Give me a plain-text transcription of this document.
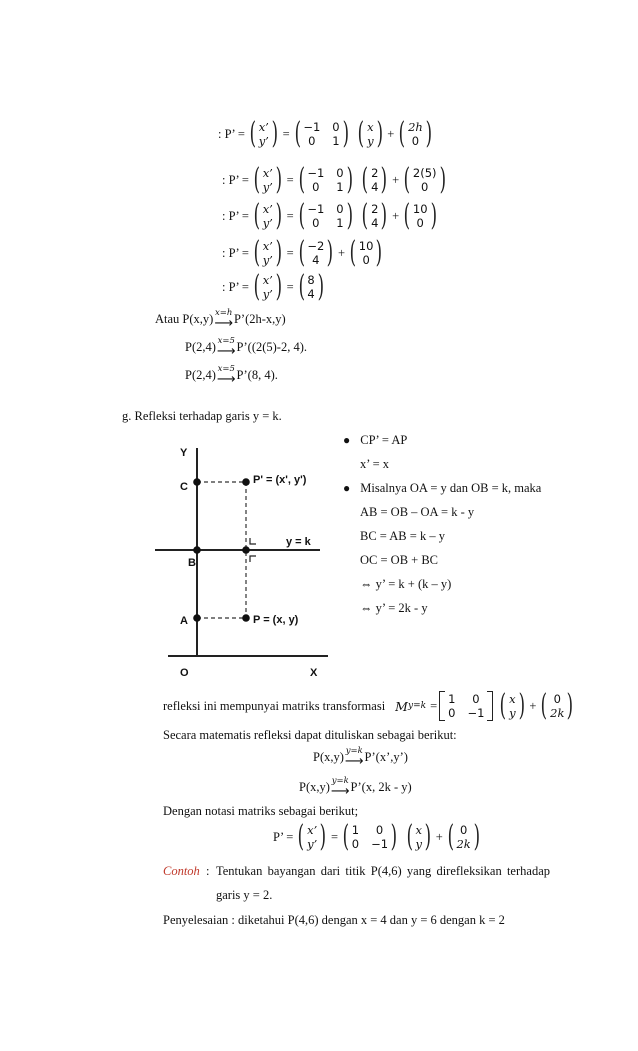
: P’ = ( x’
y’ ) = ( −1 0
0	1 ) ( x
y ) + ( 2h
0 )
: P’ = ( x’
y’ ) = ( −1 0
0	1 ) ( 2
4 ) + ( 2(5)
0 )
: P’ = ( x’
y’ ) = ( −1 0
0	1 ) ( 2
4 ) + ( 10
0 )
: P’ = ( x’
y’ ) = ( −2
4 ) + ( 10
0 )
: P’ = ( x’
y’ ) = ( 8
4 )
Atau P(x,y) x=h
⟶ P’(2h-x,y)
P(2,4) x=5
⟶ P’((2(5)-2, 4).
P(2,4) x=5
⟶ P’(8, 4).
g. Refleksi terhadap garis y = k.
Y
C
B
A
O	X
P' = (x', y')
P = (x, y)
y = k
● CP’ = AP
x’ = x
● Misalnya OA = y dan OB = k, maka
AB = OB – OA = k - y
BC = AB = k – y
OC = OB + BC
⇔ y’ = k + (k – y)
⇔ y’ = 2k - y
refleksi ini mempunyai matriks transformasi M y=k = 1	0
0 −1 ( x
y ) + ( 0
2k )
Secara matematis refleksi dapat dituliskan sebagai berikut:
P(x,y) y=k
⟶ P’(x’,y’)
P(x,y) y=k
⟶ P’(x, 2k - y)
Dengan notasi matriks sebagai berikut;
P’ = ( x’
y’ ) = ( 1	0
0 −1 ) ( x
y ) + ( 0
2k )
Contoh : Tentukan bayangan dari titik P(4,6) yang direfleksikan terhadap
garis y = 2.
Penyelesaian : diketahui P(4,6) dengan x = 4 dan y = 6 dengan k = 2
